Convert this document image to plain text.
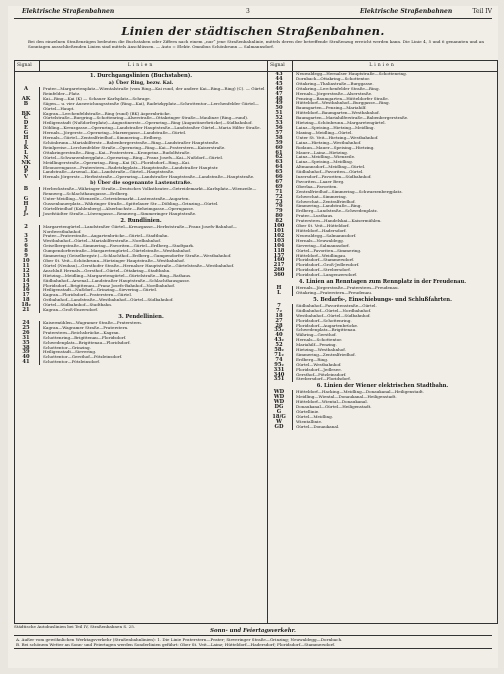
Elektrische Straßenbahnen	3	Elektrische Straßenbahnen	Teil IV
Linien der städtischen Straßenbahnen.
Bei den einzelnen Straßenzügen bedeuten die Buchstaben oder Ziffern nach einem „nur“ jene Straßenbahnlinie, mittels deren der betreffende Straßenzug erreicht werden kann. Die Linie 4, 5 und 6 genannten und an Sonntagen ausschließenden Linien sind mittels Anschlüssen. — Auto = Elektr. Omnibus Schönbrunn — Salmannsdorf.
Signal	Linien
1. Durchgangslinien (Buchstaben).
a) Über Ring, bezw. Kai.
A	Prater—Margaretenplatz—Wientalstraße (vom Ring—Kai rund, der andere Kai—Ring—Ring) (C). — Gürtel Reinfelder—Platz.
AK	Kai—Ring—Kai (K) — Schauer Karlsplatz—Schrage.
B	Sägen— u. vier Ausweichungsstraße (Ring—Kai), Radetzkyplatz—Schrottentor—Lerchenfelder Gürtel—Gürtel—Haupt.
BK	Kagran—Lerchenfeldstraße—Ring (rund) (BK) Aspernbrücke.
C	Gürtelstraße—Burgring—Schottenring—Alserstraße—Ottakringer Straße—Maulinze (Ring—rund).
D	Heiligenstadt (Nußdorferplatz)—Augustinerstr.—Opernring—Ring (Augustinerbrücke)—Südbahnhof.
E	Döbling—Kreuzgasse—Opernring—Landstraßer Hauptstraße—Landstraßer Gürtel—Maria Hilfer Straße.
G	Hernals—Jörgerstr.—Opernring—Marxergasse—Landstraße—Gürtel.
H	Hernals—Gürtel—Zentralfriedhof—Simmering—Erdberg.
J	Schönbrunn—Mariahilferstr.—Babenbergerstraße—Ring—Landstraßer Hauptstraße.
K	Reinlpreise—Lerchenfelder Straße—Opernring—Ring—Kai—Praterstern—Kaiserstraße.
L	Ottakringerstraße—Ring—Kai—Praterstern—Kronprinz—Rudolfstraße.
N	Gürtel—Schwarzenbergplatz—Opernring—Ring—Franz Josefs—Kai—Nußdorf—Gürtel.
NK	Meidlingerstraße—Opernring—Ring—Kai (K)—Floridsdorf—Ring—Kai.
O	Eleonorengasse—Praterstern—Radetzkyplatz—Hauptstraße—Landstraßer Hauptstr.
P	Landstraße—Arsenal—Kai—Landstraße—Gürtel—Hauptstraße.
V	Hernals Jörgerstr.—Herbststraße—Opernring—Landstraßer Hauptstraße—Landstraße—Hauptstraße.
b) Über die sogenannte Lastenstraße.
B	Herbeckstraße—Währinger Straße—Deutsches Volkstheater—Getreidemarkt—Karlsplatz—Wienzeile—Rennweg—Schlachthausgasse—Erdberg.
G	Unter-Meidling—Wienzeile—Getreidemarkt—Lastenstraße—Augarten.
H	Gussenbauerplatz—Währinger Straße—Spittelauer Str.—Döbling—Grinzing—Gürtel.
J	Gürtelfriedhof (Kahlenberg)—Alserbachstr.—Beheimgasse—Operngasse.
J₂	Josefstädter Straße—Löwengasse—Rennweg—Simmeringer Hauptstraße.
2. Rundlinien.
2	Margaretengürtel—Landstraßer Gürtel—Kreuzgasse—Herbststraße—Franz Josefs-Bahnhof—Nordwestbahnhof.
3	Prater—Praterstraße—Augartenbrücke—Gürtel—Stadtbahn.
5	Westbahnhof—Gürtel—Mariahilferstraße—Nordbahnhof.
6	Geiselbergstraße—Simmering—Favoriten—Gürtel—Erdberg—Stadtpark.
8	Gumpendorferstraße—Margaretengürtel—Gürtelstraße—Westbahnhof.
9	Simmering (Geiselbergstr.)—Schlachthof—Erdberg—Gumpendorfer Straße—Westbahnhof.
10	Ober St. Veit—Schönbrunn—Hietzinger Hauptstraße—Westbahnhof.
11	Gürtel (Neubau)—Gersthofer Straße—Hernalser Hauptstraße—Gürtelstraße—Westbahnhof.
12	Anschluß Hernals—Gersthof—Gürtel—Ottakring—Stadtbahn.
13	Hietzing—Meidling—Margaretengürtel—Gürtelstraße—Ring—Rathaus.
14	Südbahnhof—Arsenal—Landstraßer Hauptstraße—Schlachthausgasse.
15	Floridsdorf—Brigittenau—Franz Josefs-Bahnhof—Nordbahnhof.
16	Heiligenstadt—Nußdorf—Grinzing—Sievering—Gürtel.
17	Kagran—Floridsdorf—Praterstern—Gürtel.
18	Ostbahnhof—Landstraße—Westbahnhof—Gürtel—Südbahnhof.
18₂	Gürtel—Südbahnhof—Stadtbahn.
21	Kagran—Groß-Enzersdorf.
3. Pendellinien.
24	Kaisermühlen—Wagramer Straße—Praterstern.
25	Kagran—Wagramer Straße—Praterstern.
26	Praterstern—Reichsbrücke—Kagran.
31	Schottenring—Brigittenau—Floridsdorf.
35	Schwedenplatz—Brigittenau—Floridsdorf.
38	Schottentor—Grinzing.
39	Heiligenstadt—Sievering.
40	Schottentor—Gersthof—Pötzleinsdorf.
41	Schottentor—Pötzleinsdorf.
Signal	Linien
43	Neuwaldegg—Hernalser Hauptstraße—Schottenring.
44	Dornbach—Ottakring—Schottentor.
45	Ottakring—Thaliastraße—Burggasse.
46	Ottakring—Lerchenfelder Straße—Ring.
47	Hernals—Jörgerstraße—Alserstraße.
48	Penzing—Baumgarten—Hütteldorfer Straße.
49	Hütteldorf—Westbahnhof—Burggasse—Ring.
50	Baumgarten—Penzing—Mariahilf.
51	Hütteldorf—Baumgarten—Westbahnhof.
52	Baumgarten—Mariahilferstraße—Babenbergerstraße.
53	Hietzing—Schönbrunn—Margaretengürtel.
56	Lainz—Speising—Hietzing—Meidling.
57	Maxing—Meidling—Gürtel.
58	Unter St. Veit—Hietzing—Westbahnhof.
59	Lainz—Hietzing—Westbahnhof.
60	Rodaun—Mauer—Speising—Hietzing.
61	Mauer—Lainz—Hietzing.
62	Lainz—Meidling—Wienzeile.
63	Lainz—Speising—Meidling.
64	Altmannsdorf—Meidling—Gürtel.
65	Südbahnhof—Favoriten—Gürtel.
66	Inzersdorf—Favoriten—Südbahnhof.
67	Favoriten—Laaer Berg.
69	Oberlaa—Favoriten.
71	Zentralfriedhof—Simmering—Schwarzenbergplatz.
72	Schwechat—Simmering.
73	Schwechat—Zentralfriedhof.
76	Simmering—Landstraße—Ring.
79	Erdberg—Landstraße—Schwedenplatz.
80	Prater—Lusthaus.
82	Praterstern—Handelskai—Kaisermühlen.
100	Ober St. Veit—Hütteldorf.
101	Hütteldorf—Hadersdorf.
102	Neuwaldegg—Salmannsdorf.
103	Hernals—Neuwaldegg.
104	Sievering—Salmannsdorf.
118	Gürtel—Favoriten—Simmering.
157	Hütteldorf—Weidlingau.
160	Floridsdorf—Stammersdorf.
217	Floridsdorf—Groß-Jedlersdorf.
260	Floridsdorf—Strebersdorf.
360	Floridsdorf—Langenzersdorf.
4. Linien an Renntagen zum Rennplatz in der Freudenau.
H	Hernals—Jörgerstraße—Praterstern—Freudenau.
L	Ottakring—Praterstern—Freudenau.
5. Bedarfs-, Einschiebungs- und Schlußfahrten.
7	Südbahnhof—Favoritenstraße—Gürtel.
7₂	Südbahnhof—Gürtel—Nordbahnhof.
18	Westbahnhof—Gürtel—Südbahnhof.
27	Floridsdorf—Schottenring.
28	Floridsdorf—Augartenbrücke.
35₂	Schwedenplatz—Brigittenau.
40	Währing—Gersthof.
43₂	Hernals—Schottentor.
52	Mariahilf—Penzing.
58₂	Hietzing—Westbahnhof.
71₂	Simmering—Zentralfriedhof.
74	Erdberg—Ring.
95₂	Gürtel—Westbahnhof.
331	Floridsdorf—Jedlesee.
340	Gersthof—Pötzleinsdorf.
351	Strebersdorf—Floridsdorf.
6. Linien der Wiener elektrischen Stadtbahn.
WD	Hütteldorf—Hacking—Meidling—Donaukanal—Heiligenstadt.
WD	Meidling—Wiental—Donaukanal—Heiligenstadt.
WD	Hütteldorf—Wiental—Donaukanal.
DG	Donaukanal—Gürtel—Heiligenstadt.
G	Gürtellinie.
18/G	Gürtel—Meidling.
W	Wientallinie.
GD	Gürtel—Donaukanal.
Städtische Autobuslinien bei Teil IV, Straßenbahnen S. 25.
Sonn- und Feiertagsverkehr.
A. Außer vom gewöhnlichen Werktagsverkehr (Straßenbahnlinien): 1. Die Linie Praterstern—Prater; Sieveringer Straße—Grinzing; Neuwaldegg—Dornbach.
B. Bei schönem Wetter an Sonn- und Feiertagen werden Sonderlinien geführt: Ober St. Veit—Lainz; Hütteldorf—Hadersdorf; Floridsdorf—Stammersdorf.
